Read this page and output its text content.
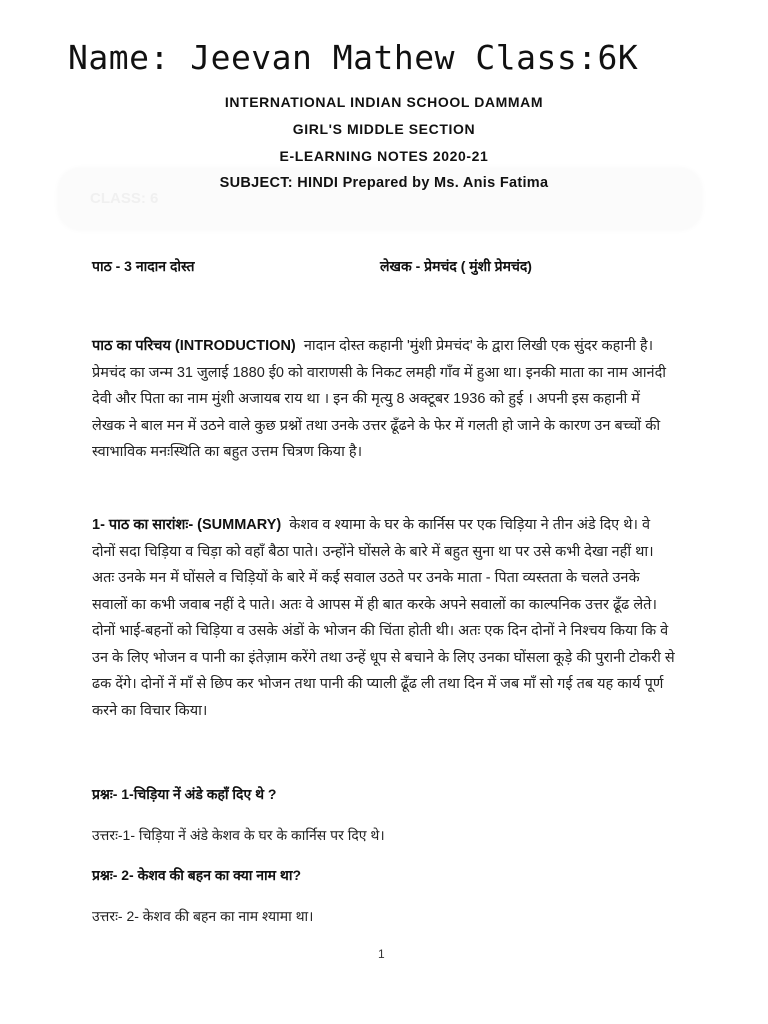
Name: Jeevan Mathew Class:6K
CLASS: 6
INTERNATIONAL INDIAN SCHOOL DAMMAM
GIRL'S MIDDLE SECTION
E-LEARNING NOTES 2020-21
SUBJECT: HINDI Prepared by Ms. Anis Fatima
पाठ - 3 नादान दोस्त	लेखक - प्रेमचंद ( मुंशी प्रेमचंद)
पाठ का परिचय (INTRODUCTION) नादान दोस्त कहानी 'मुंशी प्रेमचंद' के द्वारा लिखी एक सुंदर कहानी है। प्रेमचंद का जन्म 31 जुलाई 1880 ई0 को वाराणसी के निकट लमही गाँव में हुआ था। इनकी माता का नाम आनंदी देवी और पिता का नाम मुंशी अजायब राय था । इन की मृत्यु 8 अक्टूबर 1936 को हुई । अपनी इस कहानी में लेखक ने बाल मन में उठने वाले कुछ प्रश्नों तथा उनके उत्तर ढूँढने के फेर में गलती हो जाने के कारण उन बच्चों की स्वाभाविक मनःस्थिति का बहुत उत्तम चित्रण किया है।
1- पाठ का सारांशः- (SUMMARY) केशव व श्यामा के घर के कार्निस पर एक चिड़िया ने तीन अंडे दिए थे। वे दोनों सदा चिड़िया व चिड़ा को वहाँ बैठा पाते। उन्होंने घोंसले के बारे में बहुत सुना था पर उसे कभी देखा नहीं था। अतः उनके मन में घोंसले व चिड़ियों के बारे में कई सवाल उठते पर उनके माता - पिता व्यस्तता के चलते उनके सवालों का कभी जवाब नहीं दे पाते। अतः वे आपस में ही बात करके अपने सवालों का काल्पनिक उत्तर ढूँढ लेते। दोनों भाई-बहनों को चिड़िया व उसके अंडों के भोजन की चिंता होती थी। अतः एक दिन दोनों ने निश्चय किया कि वे उन के लिए भोजन व पानी का इंतेज़ाम करेंगे तथा उन्हें धूप से बचाने के लिए उनका घोंसला कूड़े की पुरानी टोकरी से ढक देंगे। दोनों नें माँ से छिप कर भोजन तथा पानी की प्याली ढूँढ ली तथा दिन में जब माँ सो गई तब यह कार्य पूर्ण करने का विचार किया।
प्रश्नः- 1-चिड़िया नें अंडे कहाँ दिए थे ?
उत्तरः-1- चिड़िया नें अंडे केशव के घर के कार्निस पर दिए थे।
प्रश्नः- 2- केशव की बहन का क्या नाम था?
उत्तरः- 2- केशव की बहन का नाम श्यामा था।
1
